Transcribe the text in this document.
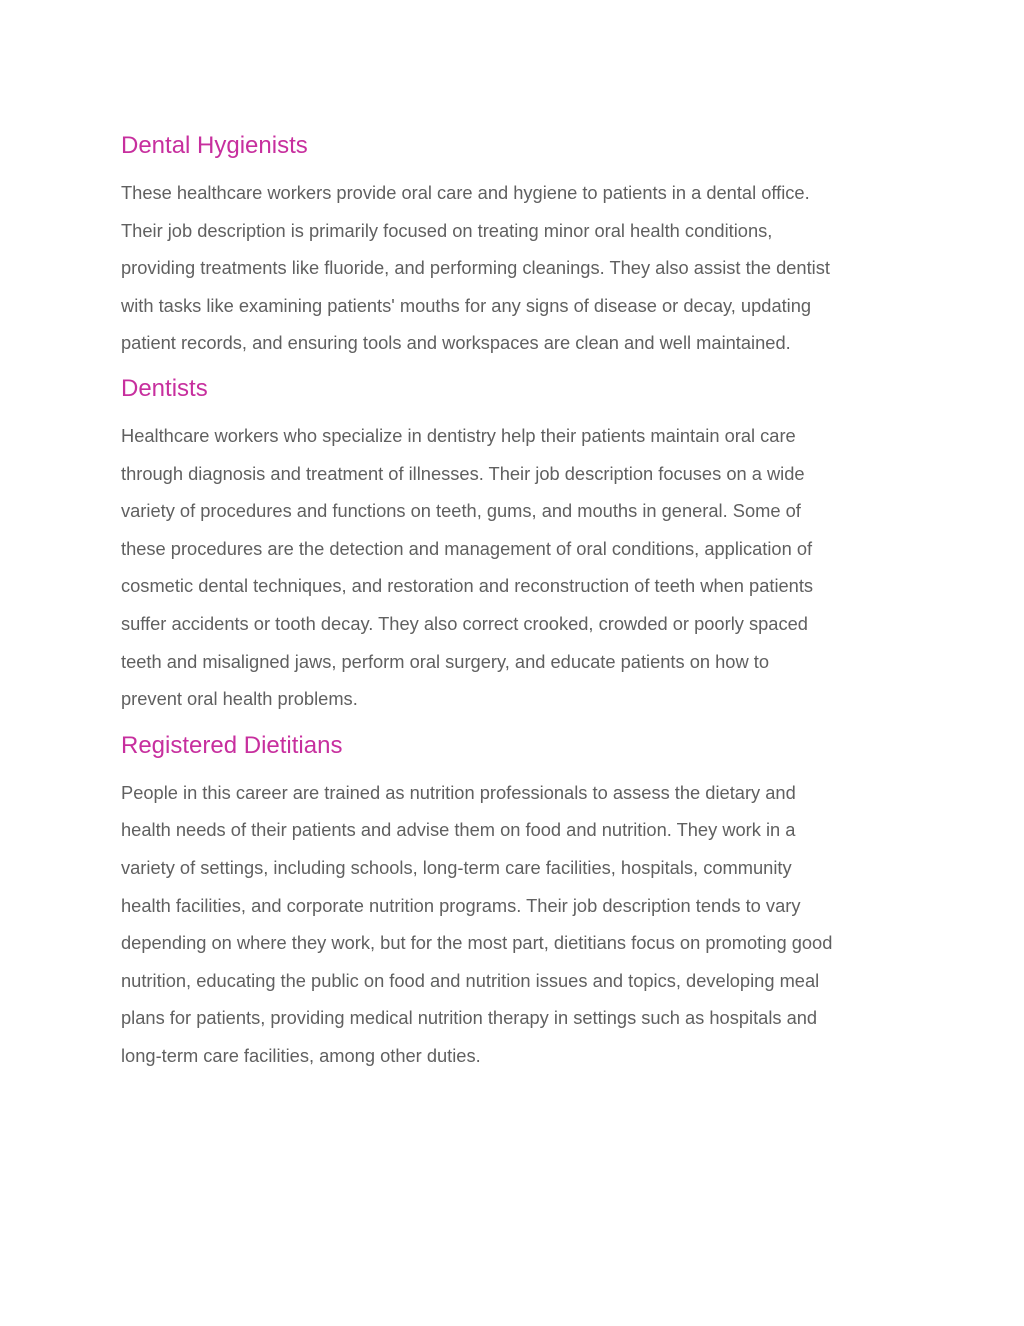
Dental Hygienists

These healthcare workers provide oral care and hygiene to patients in a dental office.
Their job description is primarily focused on treating minor oral health conditions,
providing treatments like fluoride, and performing cleanings. They also assist the dentist
with tasks like examining patients' mouths for any signs of disease or decay, updating
patient records, and ensuring tools and workspaces are clean and well maintained.

Dentists

Healthcare workers who specialize in dentistry help their patients maintain oral care
through diagnosis and treatment of illnesses. Their job description focuses on a wide
variety of procedures and functions on teeth, gums, and mouths in general. Some of
these procedures are the detection and management of oral conditions, application of
cosmetic dental techniques, and restoration and reconstruction of teeth when patients
suffer accidents or tooth decay. They also correct crooked, crowded or poorly spaced
teeth and misaligned jaws, perform oral surgery, and educate patients on how to
prevent oral health problems.

Registered Dietitians

People in this career are trained as nutrition professionals to assess the dietary and
health needs of their patients and advise them on food and nutrition. They work in a
variety of settings, including schools, long-term care facilities, hospitals, community
health facilities, and corporate nutrition programs. Their job description tends to vary
depending on where they work, but for the most part, dietitians focus on promoting good
nutrition, educating the public on food and nutrition issues and topics, developing meal
plans for patients, providing medical nutrition therapy in settings such as hospitals and
long-term care facilities, among other duties.
